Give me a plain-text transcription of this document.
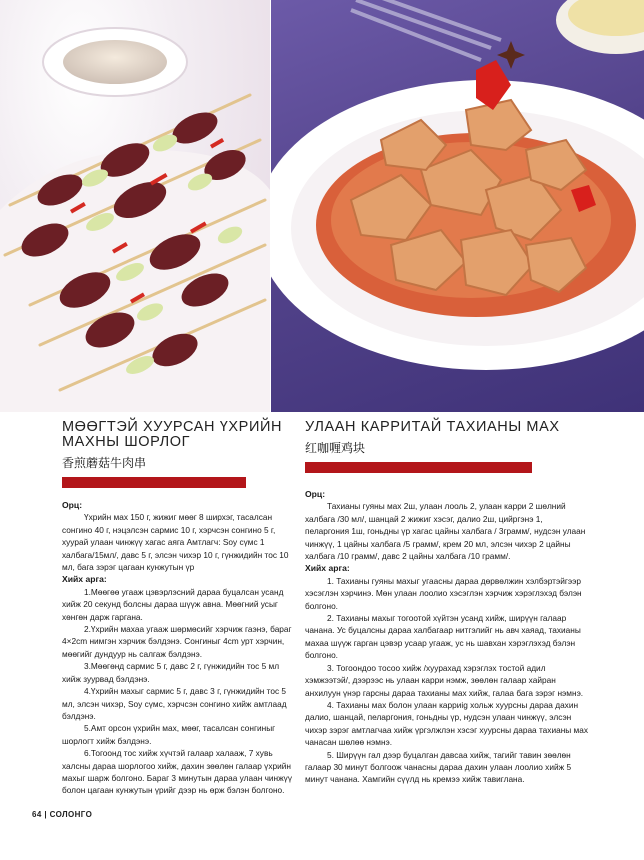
МӨӨГТЭЙ ХУУРСАН ҮХРИЙН МАХНЫ ШОРЛОГ
香煎蘑菇牛肉串

Орц:

Үхрийн мах 150 г, жижиг мөөг 8 ширхэг, тасалсан сонгино 40 г, нэцэлсэн сармис 10 г, хэрчсэн сонгино 5 г, хуурай улаан чинжүү хагас аяга Амтлагч: Soy сүмс 1 халбага/15мл/, давс 5 г, элсэн чихэр 10 г, гүнжидийн тос 10 мл, бага зэрэг цагаан кунжутын үр

Хийх арга:

1.Мөөгөө угааж цэвэрлэсний дараа буцалсан усанд хийж 20 секунд болсны дараа шүүж авна. Мөөгний усыг хөнгөн дарж гаргана.

2.Үхрийн махаа угааж шөрмөсийг хэрчиж гаэнэ, бараг 4×2cm нимгэн хэрчиж бэлдэнэ. Сонгиныг 4cm урт хэрчин, мөөгийг дундуур нь салгаж бэлдэнэ.

3.Мөөгөнд сармис 5 г, давс 2 г, гүнжидийн тос 5 мл хийж зуурвад бэлдэнэ.

4.Үхрийн махыг сармис 5 г, давс 3 г, гүнжидийн тос 5 мл, элсэн чихэр, Soy сүмс, хэрчсэн сонгино хийж амтлаад бэлдэнэ.

5.Амт орсон үхрийн мах, мөөг, тасалсан сонгиныг шорлогт хийж бэлдэнэ.

6.Тогоонд тос хийж хүчтэй галаар халааж, 7 хувь халсны дараа шорлогоо хийж, дахин зөөлөн галаар үхрийн махыг шарж болгоно. Бараг 3 минутын дараа улаан чинжүү болон цагаан кунжутын үрийг дээр нь өрж бэлэн болгоно.

УЛААН КАРРИТАЙ ТАХИАНЫ МАХ
红咖喱鸡块

Орц:

Тахианы гуяны мах 2ш, улаан лооль 2, улаан карри 2 шөлний халбага /30 мл/, шанцай 2 жижиг хэсэг, далио 2ш, цийргэнэ 1, пеларгония 1ш, гоньдны үр хагас цайны халбага / 3грамм/, нудсэн улаан чинжүү, 1 цайны халбага /5 грамм/, крем 20 мл, элсэн чихэр 2 цайны халбага /10 грамм/, давс 2 цайны халбага /10 грамм/.

Хийх арга:

1. Тахианы гуяны махыг угаасны дараа дөрвөлжин хэлбэртэйгээр хэсэглэн хэрчинэ. Мөн улаан лоолио хэсэглэн хэрчиж хэрэглэхэд бэлэн болгоно.

2. Тахианы махыг тогоотой хүйтэн усанд хийж, ширүүн галаар чанана. Ус буцалсны дараа халбагаар нитгэлийг нь авч хаяад, тахианы махаа шүүж гарган цэвэр усаар угааж, ус нь шавхан хэрэглэхэд бэлэн болгоно.

3. Тогоондоо тосоо хийж /хуурахад хэрэглэх тостой адил хэмжээтэй/, дээрээс нь улаан карри нэмж, зөөлөн галаар хайран анхилуун үнэр гарсны дараа тахианы мах хийж, галаа бага зэрэг нэмнэ.

4. Тахианы мах болон улаан карриig хольж хуурсны дараа дахин далио, шанцай, пеларгония, гоньдны үр, нудсэн улаан чинжүү, элсэн чихэр зэрэг амтлагчаа хийж үргэлжлэн хэсэг хуурсны дараа тахианы мах чанасан шөлөө нэмнэ.

5. Ширүүн гал дээр буцалган давсаа хийж, тагийг тавин зөөлөн галаар 30 минут болгоож чанасны дараа дахин улаан лоолио хийж 5 минут чанана. Хамгийн сүүлд нь кремээ хийж тавиглана.

64 | СОЛОНГО
